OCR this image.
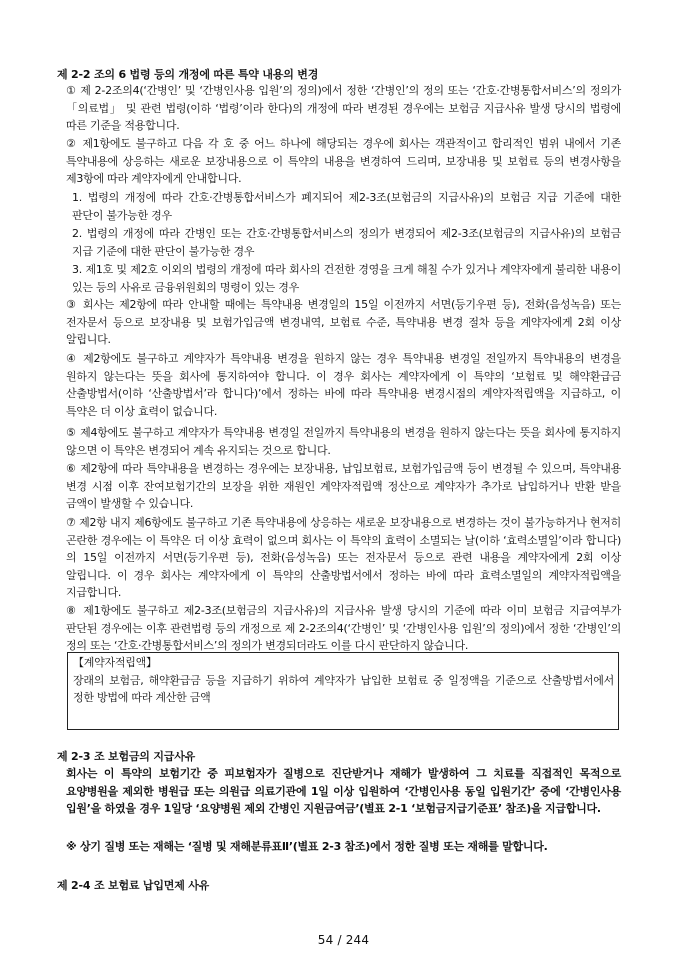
제 2-2 조의 6 법령 등의 개정에 따른 특약 내용의 변경
① 제 2-2조의4(‘간병인’ 및 ‘간병인사용 입원’의 정의)에서 정한 ‘간병인’의 정의 또는 ‘간호·간병통합서비스’의 정의가 「의료법」 및 관련 법령(이하 ‘법령’이라 한다)의 개정에 따라 변경된 경우에는 보험금 지급사유 발생 당시의 법령에 따른 기준을 적용합니다.
② 제1항에도 불구하고 다음 각 호 중 어느 하나에 해당되는 경우에 회사는 객관적이고 합리적인 범위 내에서 기존 특약내용에 상응하는 새로운 보장내용으로 이 특약의 내용을 변경하여 드리며, 보장내용 및 보험료 등의 변경사항을 제3항에 따라 계약자에게 안내합니다.
1. 법령의 개정에 따라 간호·간병통합서비스가 폐지되어 제2-3조(보험금의 지급사유)의 보험금 지급 기준에 대한 판단이 불가능한 경우
2. 법령의 개정에 따라 간병인 또는 간호·간병통합서비스의 정의가 변경되어 제2-3조(보험금의 지급사유)의 보험금 지급 기준에 대한 판단이 불가능한 경우
3. 제1호 및 제2호 이외의 법령의 개정에 따라 회사의 건전한 경영을 크게 해칠 수가 있거나 계약자에게 불리한 내용이 있는 등의 사유로 금융위원회의 명령이 있는 경우
③ 회사는 제2항에 따라 안내할 때에는 특약내용 변경일의 15일 이전까지 서면(등기우편 등), 전화(음성녹음) 또는 전자문서 등으로 보장내용 및 보험가입금액 변경내역, 보험료 수준, 특약내용 변경 절차 등을 계약자에게 2회 이상 알립니다.
④ 제2항에도 불구하고 계약자가 특약내용 변경을 원하지 않는 경우 특약내용 변경일 전일까지 특약내용의 변경을 원하지 않는다는 뜻을 회사에 통지하여야 합니다. 이 경우 회사는 계약자에게 이 특약의 ‘보험료 및 해약환급금 산출방법서(이하 ‘산출방법서’라 합니다)’에서 정하는 바에 따라 특약내용 변경시점의 계약자적립액을 지급하고, 이 특약은 더 이상 효력이 없습니다.
⑤ 제4항에도 불구하고 계약자가 특약내용 변경일 전일까지 특약내용의 변경을 원하지 않는다는 뜻을 회사에 통지하지 않으면 이 특약은 변경되어 계속 유지되는 것으로 합니다.
⑥ 제2항에 따라 특약내용을 변경하는 경우에는 보장내용, 납입보험료, 보험가입금액 등이 변경될 수 있으며, 특약내용 변경 시점 이후 잔여보험기간의 보장을 위한 재원인 계약자적립액 정산으로 계약자가 추가로 납입하거나 반환 받을 금액이 발생할 수 있습니다.
⑦ 제2항 내지 제6항에도 불구하고 기존 특약내용에 상응하는 새로운 보장내용으로 변경하는 것이 불가능하거나 현저히 곤란한 경우에는 이 특약은 더 이상 효력이 없으며 회사는 이 특약의 효력이 소멸되는 날(이하 ‘효력소멸일’이라 합니다)의 15일 이전까지 서면(등기우편 등), 전화(음성녹음) 또는 전자문서 등으로 관련 내용을 계약자에게 2회 이상 알립니다. 이 경우 회사는 계약자에게 이 특약의 산출방법서에서 정하는 바에 따라 효력소멸일의 계약자적립액을 지급합니다.
⑧ 제1항에도 불구하고 제2-3조(보험금의 지급사유)의 지급사유 발생 당시의 기준에 따라 이미 보험금 지급여부가 판단된 경우에는 이후 관련법령 등의 개정으로 제 2-2조의4(‘간병인’ 및 ‘간병인사용 입원’의 정의)에서 정한 ‘간병인’의 정의 또는 ‘간호·간병통합서비스’의 정의가 변경되더라도 이를 다시 판단하지 않습니다.
【계약자적립액】
장래의 보험금, 해약환급금 등을 지급하기 위하여 계약자가 납입한 보험료 중 일정액을 기준으로 산출방법서에서 정한 방법에 따라 계산한 금액
제 2-3 조 보험금의 지급사유
회사는 이 특약의 보험기간 중 피보험자가 질병으로 진단받거나 재해가 발생하여 그 치료를 직접적인 목적으로 요양병원을 제외한 병원급 또는 의원급 의료기관에 1일 이상 입원하여 ‘간병인사용 동일 입원기간’ 중에 ‘간병인사용 입원’을 하였을 경우 1일당 ‘요양병원 제외 간병인 지원금여금’(별표 2-1 ‘보험금지급기준표’ 참조)을 지급합니다.
※ 상기 질병 또는 재해는 ‘질병 및 재해분류표Ⅱ’(별표 2-3 참조)에서 정한 질병 또는 재해를 말합니다.
제 2-4 조 보험료 납입면제 사유
54 / 244
